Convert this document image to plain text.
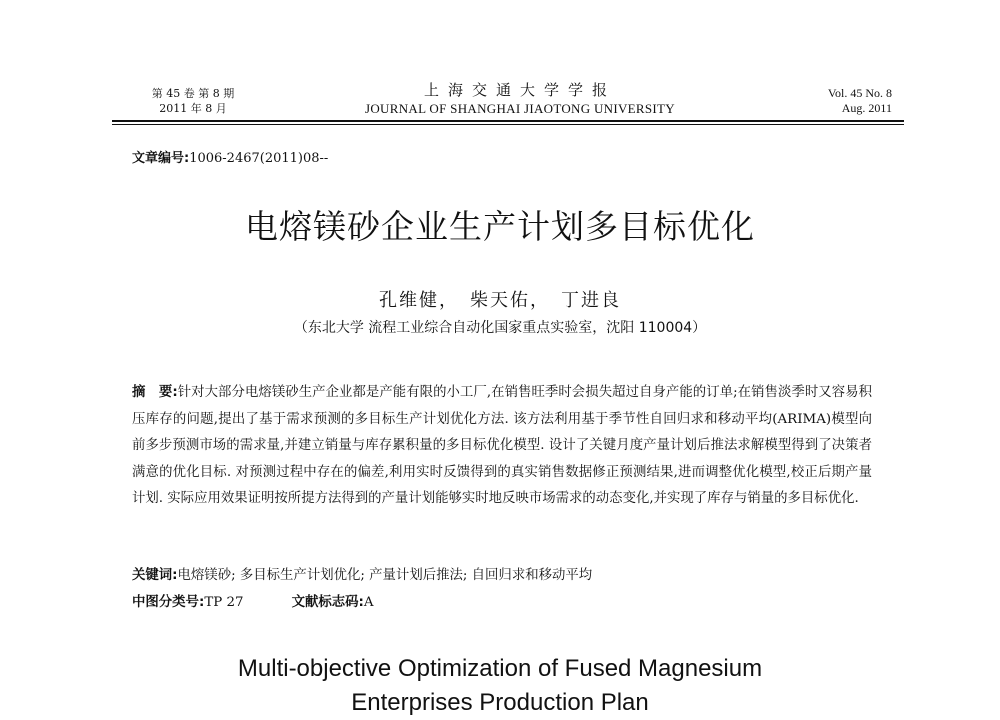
第 45 卷 第 8 期
2011 年 8 月
上海交通大学学报
JOURNAL OF SHANGHAI JIAOTONG UNIVERSITY
Vol. 45 No. 8
Aug. 2011
文章编号:1006-2467(2011)08--
电熔镁砂企业生产计划多目标优化
孔维健，　柴天佑，　丁进良
（东北大学 流程工业综合自动化国家重点实验室，沈阳 110004）
摘　要:针对大部分电熔镁砂生产企业都是产能有限的小工厂,在销售旺季时会损失超过自身产能的订单;在销售淡季时又容易积压库存的问题,提出了基于需求预测的多目标生产计划优化方法. 该方法利用基于季节性自回归求和移动平均(ARIMA)模型向前多步预测市场的需求量,并建立销量与库存累积量的多目标优化模型. 设计了关键月度产量计划后推法求解模型得到了决策者满意的优化目标. 对预测过程中存在的偏差,利用实时反馈得到的真实销售数据修正预测结果,进而调整优化模型,校正后期产量计划. 实际应用效果证明按所提方法得到的产量计划能够实时地反映市场需求的动态变化,并实现了库存与销量的多目标优化.
关键词:电熔镁砂; 多目标生产计划优化; 产量计划后推法; 自回归求和移动平均
中图分类号:TP 27	文献标志码:A
Multi-objective Optimization of Fused Magnesium
Enterprises Production Plan
